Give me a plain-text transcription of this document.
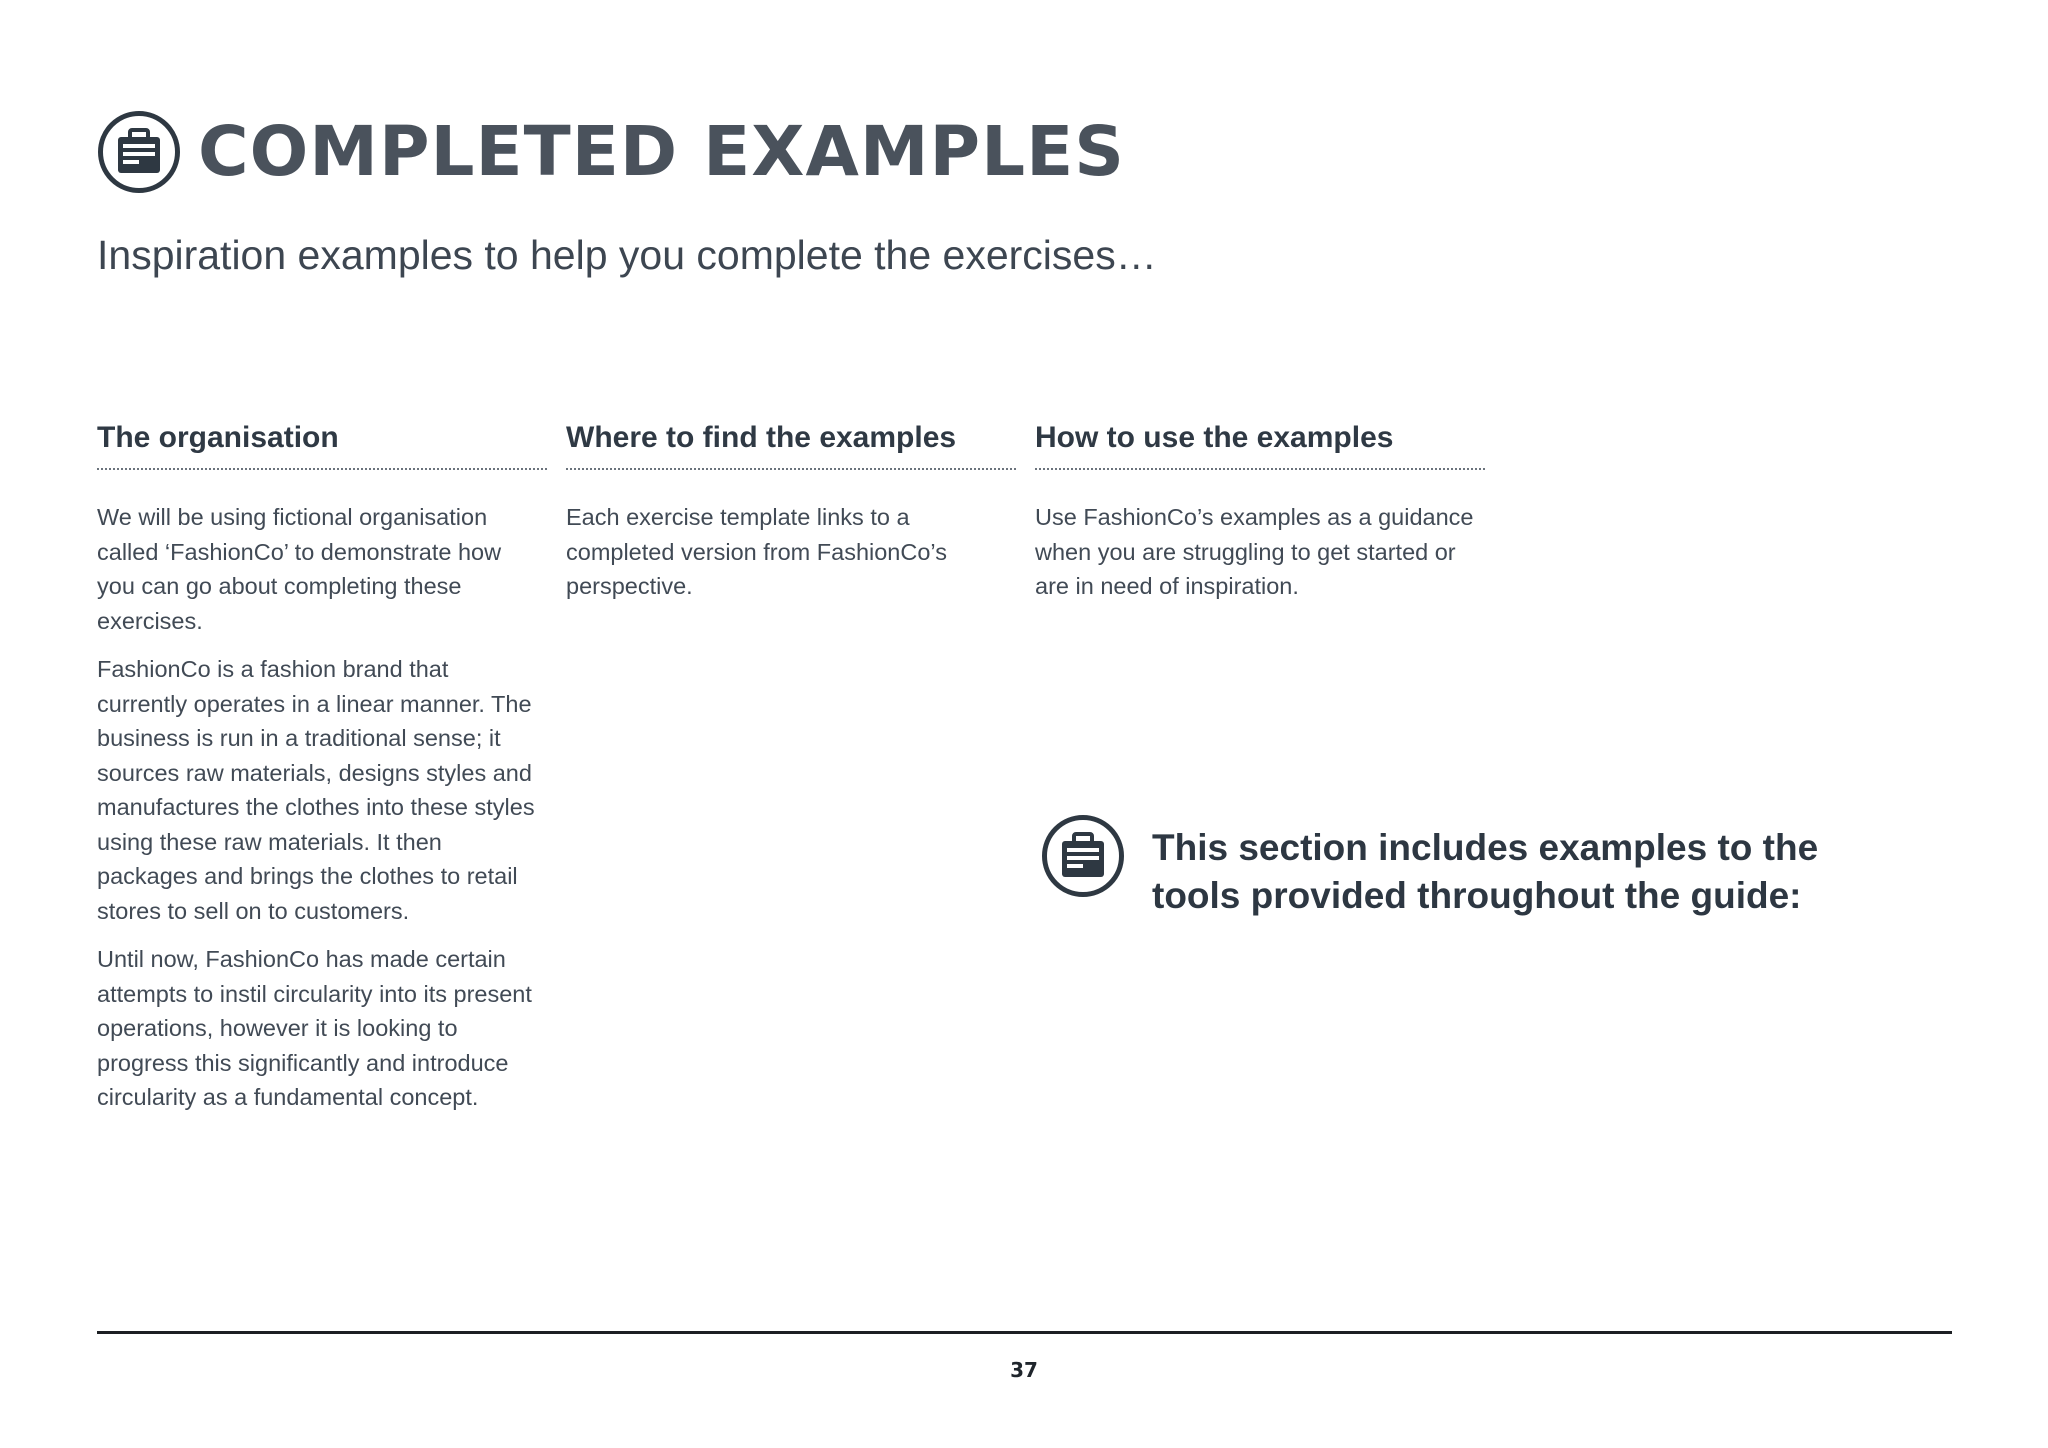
COMPLETED EXAMPLES

Inspiration examples to help you complete the exercises…

The organisation

We will be using fictional organisation called ‘FashionCo’ to demonstrate how you can go about completing these exercises.

FashionCo is a fashion brand that currently operates in a linear manner. The business is run in a traditional sense; it sources raw materials, designs styles and manufactures the clothes into these styles using these raw materials. It then packages and brings the clothes to retail stores to sell on to customers.

Until now, FashionCo has made certain attempts to instil circularity into its present operations, however it is looking to progress this significantly and introduce circularity as a fundamental concept.

Where to find the examples

Each exercise template links to a completed version from FashionCo’s perspective.

How to use the examples

Use FashionCo’s examples as a guidance when you are struggling to get started or are in need of inspiration.

This section includes examples to the tools provided throughout the guide:

37
